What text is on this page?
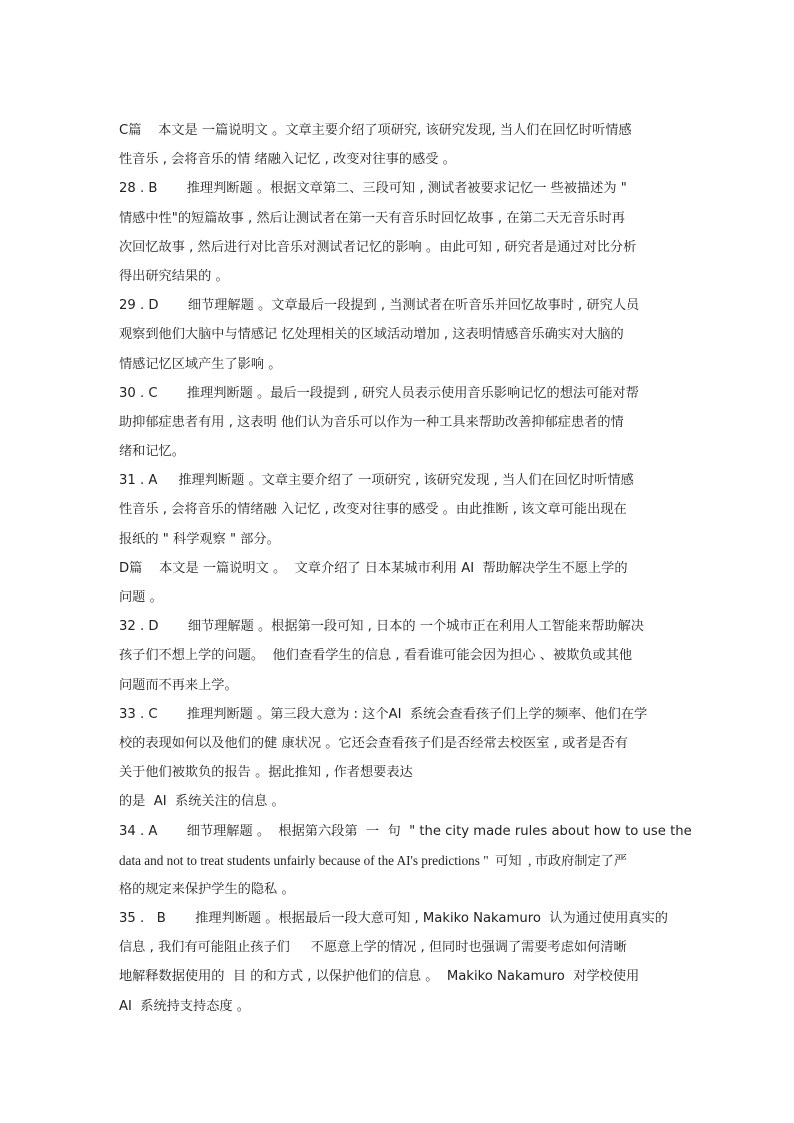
C篇    本文是 一篇说明文 。文章主要介绍了项研究, 该研究发现, 当人们在回忆时听情感
性音乐 , 会将音乐的情 绪融入记忆 , 改变对往事的感受 。
28 . B       推理判断题 。根据文章第二、三段可知 , 测试者被要求记忆一 些被描述为 "
情感中性"的短篇故事 , 然后让测试者在第一天有音乐时回忆故事 , 在第二天无音乐时再
次回忆故事 , 然后进行对比音乐对测试者记忆的影响 。由此可知 , 研究者是通过对比分析
得出研究结果的 。
29 . D       细节理解题 。文章最后一段提到 , 当测试者在听音乐并回忆故事时 , 研究人员
观察到他们大脑中与情感记 忆处理相关的区域活动增加 , 这表明情感音乐确实对大脑的
情感记忆区域产生了影响 。
30 . C       推理判断题 。最后一段提到 , 研究人员表示使用音乐影响记忆的想法可能对帮
助抑郁症患者有用 , 这表明 他们认为音乐可以作为一种工具来帮助改善抑郁症患者的情
绪和记忆。
31 . A     推理判断题 。文章主要介绍了 一项研究 , 该研究发现 , 当人们在回忆时听情感
性音乐 , 会将音乐的情绪融 入记忆 , 改变对往事的感受 。由此推断 , 该文章可能出现在
报纸的 " 科学观察 " 部分。
D篇    本文是 一篇说明文 。  文章介绍了 日本某城市利用 AI  帮助解决学生不愿上学的
问题 。
32 . D       细节理解题 。根据第一段可知 , 日本的 一个城市正在利用人工智能来帮助解决
孩子们不想上学的问题。  他们查看学生的信息 , 看看谁可能会因为担心 、被欺负或其他
问题而不再来上学。
33 . C       推理判断题 。第三段大意为 : 这个AI  系统会查看孩子们上学的频率、他们在学
校的表现如何以及他们的健 康状况 。它还会查看孩子们是否经常去校医室 , 或者是否有
关于他们被欺负的报告 。据此推知 , 作者想要表达
的是  AI  系统关注的信息 。
34 . A       细节理解题 。  根据第六段第  一  句  " the city made rules about how to use the
data and not to treat students unfairly because of the AI's predictions "  可知  , 市政府制定了严
格的规定来保护学生的隐私 。
35 .   B       推理判断题 。根据最后一段大意可知 , Makiko Nakamuro  认为通过使用真实的
信息 , 我们有可能阻止孩子们     不愿意上学的情况 , 但同时也强调了需要考虑如何清晰
地解释数据使用的  目 的和方式 , 以保护他们的信息 。  Makiko Nakamuro  对学校使用
AI  系统持支持态度 。
